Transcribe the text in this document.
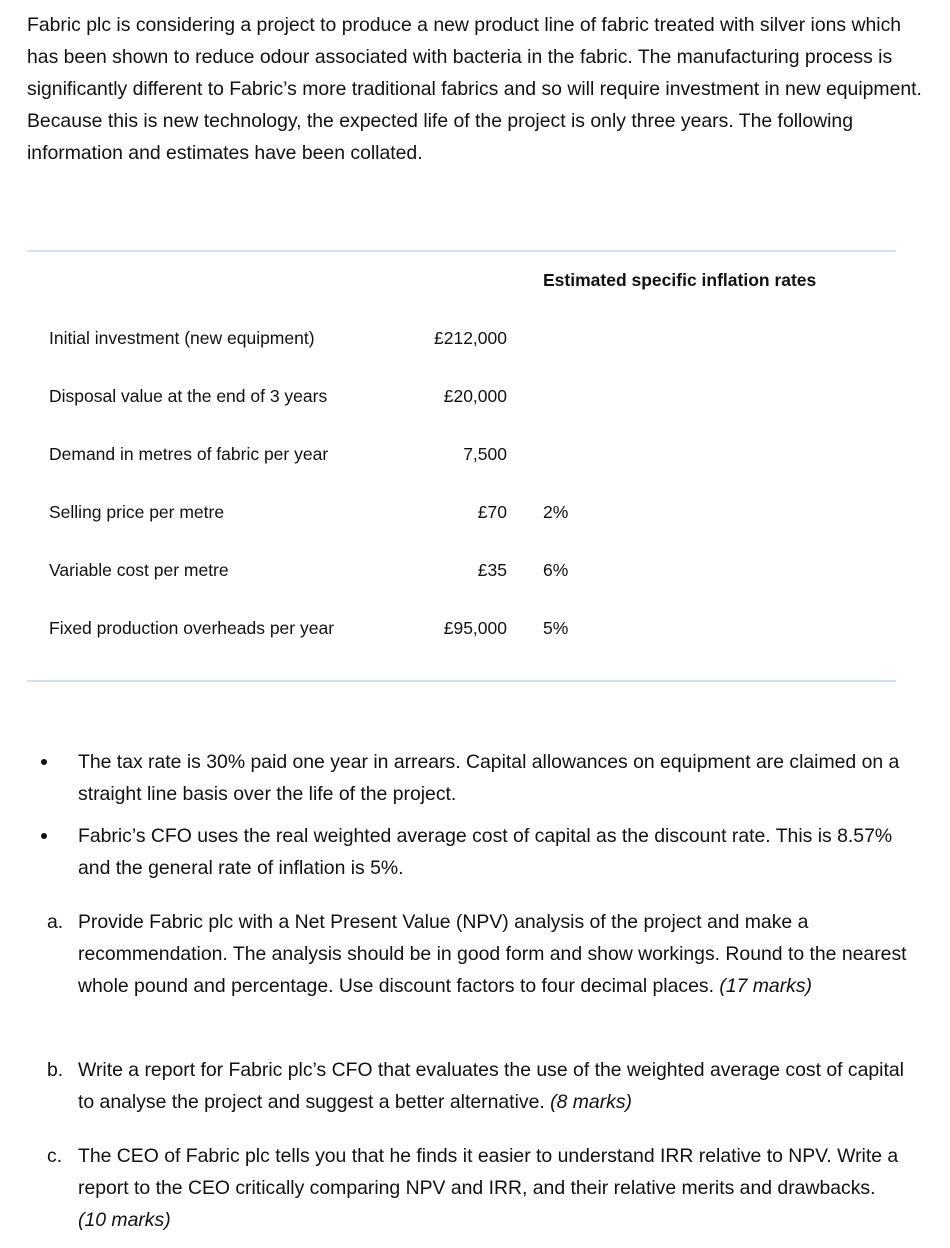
Fabric plc is considering a project to produce a new product line of fabric treated with silver ions which has been shown to reduce odour associated with bacteria in the fabric. The manufacturing process is significantly different to Fabric’s more traditional fabrics and so will require investment in new equipment. Because this is new technology, the expected life of the project is only three years. The following information and estimates have been collated.

Estimated specific inflation rates
Initial investment (new equipment)	£212,000
Disposal value at the end of 3 years	£20,000
Demand in metres of fabric per year	7,500
Selling price per metre	£70 2%
Variable cost per metre	£35 6%
Fixed production overheads per year	£95,000 5%
The tax rate is 30% paid one year in arrears. Capital allowances on equipment are claimed on a straight line basis over the life of the project.
Fabric’s CFO uses the real weighted average cost of capital as the discount rate. This is 8.57% and the general rate of inflation is 5%.
a. Provide Fabric plc with a Net Present Value (NPV) analysis of the project and make a recommendation. The analysis should be in good form and show workings. Round to the nearest whole pound and percentage. Use discount factors to four decimal places. (17 marks)
b. Write a report for Fabric plc’s CFO that evaluates the use of the weighted average cost of capital to analyse the project and suggest a better alternative. (8 marks)
c. The CEO of Fabric plc tells you that he finds it easier to understand IRR relative to NPV. Write a report to the CEO critically comparing NPV and IRR, and their relative merits and drawbacks. (10 marks)
